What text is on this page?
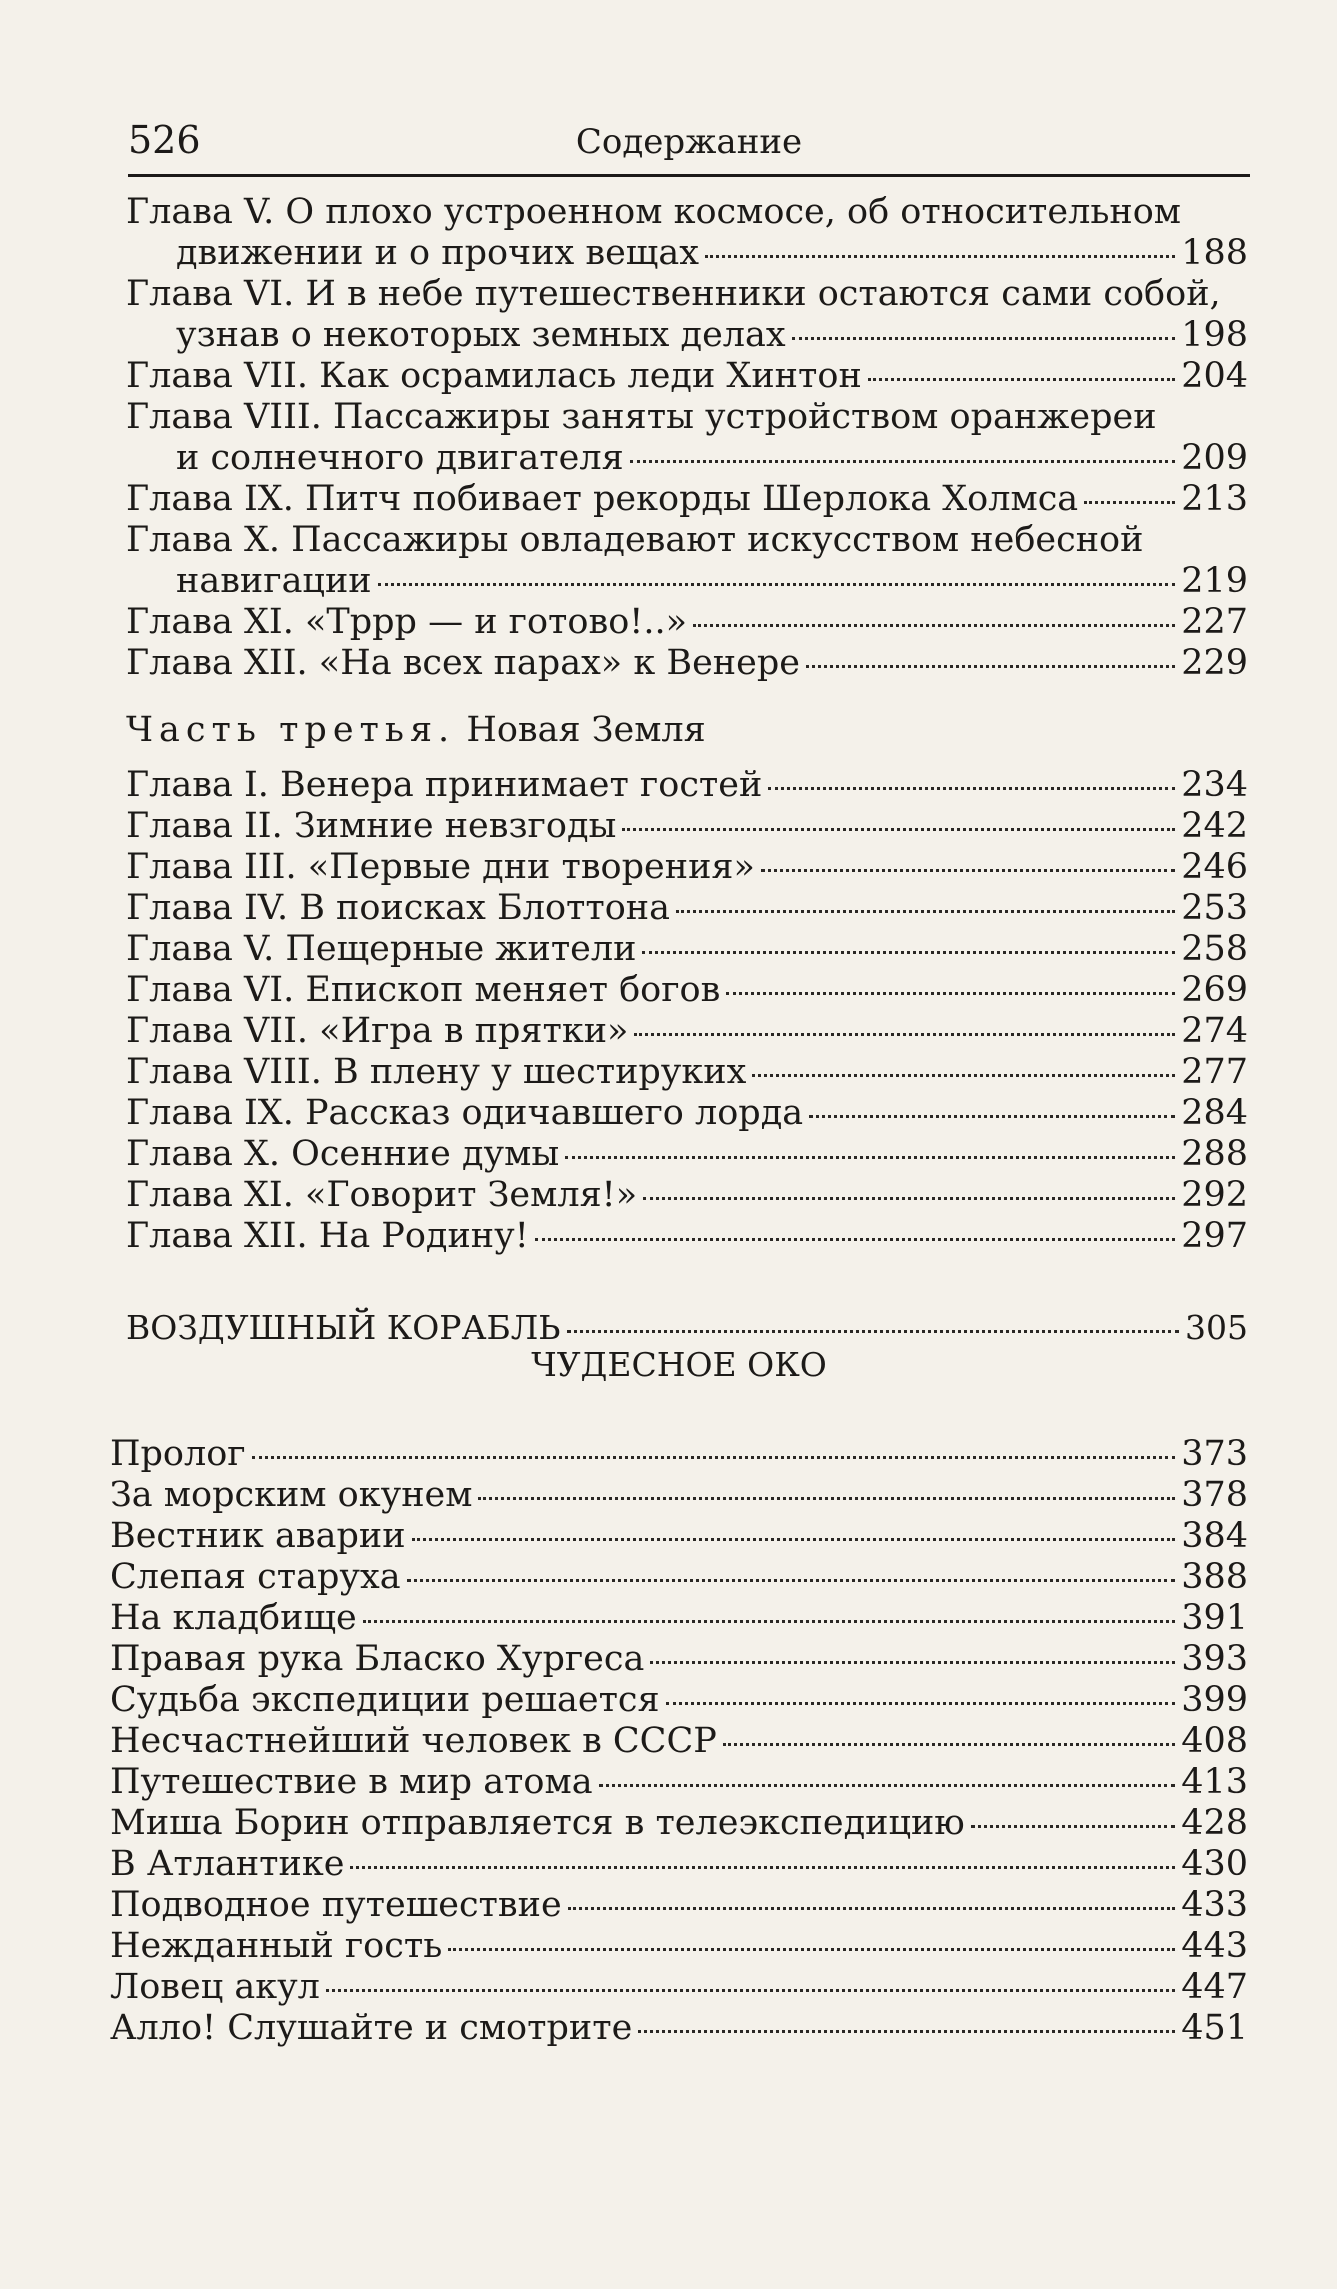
526	Содержание
Глава V. О плохо устроенном космосе, об относительном
движении и о прочих вещах	188
Глава VI. И в небе путешественники остаются сами собой,
узнав о некоторых земных делах	198
Глава VII. Как осрамилась леди Хинтон	204
Глава VIII. Пассажиры заняты устройством оранжереи
и солнечного двигателя	209
Глава IX. Питч побивает рекорды Шерлока Холмса	213
Глава X. Пассажиры овладевают искусством небесной
навигации	219
Глава XI. «Тррр — и готово!..»	227
Глава XII. «На всех парах» к Венере	229
Часть третья. Новая Земля
Глава I. Венера принимает гостей	234
Глава II. Зимние невзгоды	242
Глава III. «Первые дни творения»	246
Глава IV. В поисках Блоттона	253
Глава V. Пещерные жители	258
Глава VI. Епископ меняет богов	269
Глава VII. «Игра в прятки»	274
Глава VIII. В плену у шестируких	277
Глава IX. Рассказ одичавшего лорда	284
Глава X. Осенние думы	288
Глава XI. «Говорит Земля!»	292
Глава XII. На Родину!	297
ВОЗДУШНЫЙ КОРАБЛЬ	305
ЧУДЕСНОЕ ОКО
Пролог	373
За морским окунем	378
Вестник аварии	384
Слепая старуха	388
На кладбище	391
Правая рука Бласко Хургеса	393
Судьба экспедиции решается	399
Несчастнейший человек в СССР	408
Путешествие в мир атома	413
Миша Борин отправляется в телеэкспедицию	428
В Атлантике	430
Подводное путешествие	433
Нежданный гость	443
Ловец акул	447
Алло! Слушайте и смотрите	451
